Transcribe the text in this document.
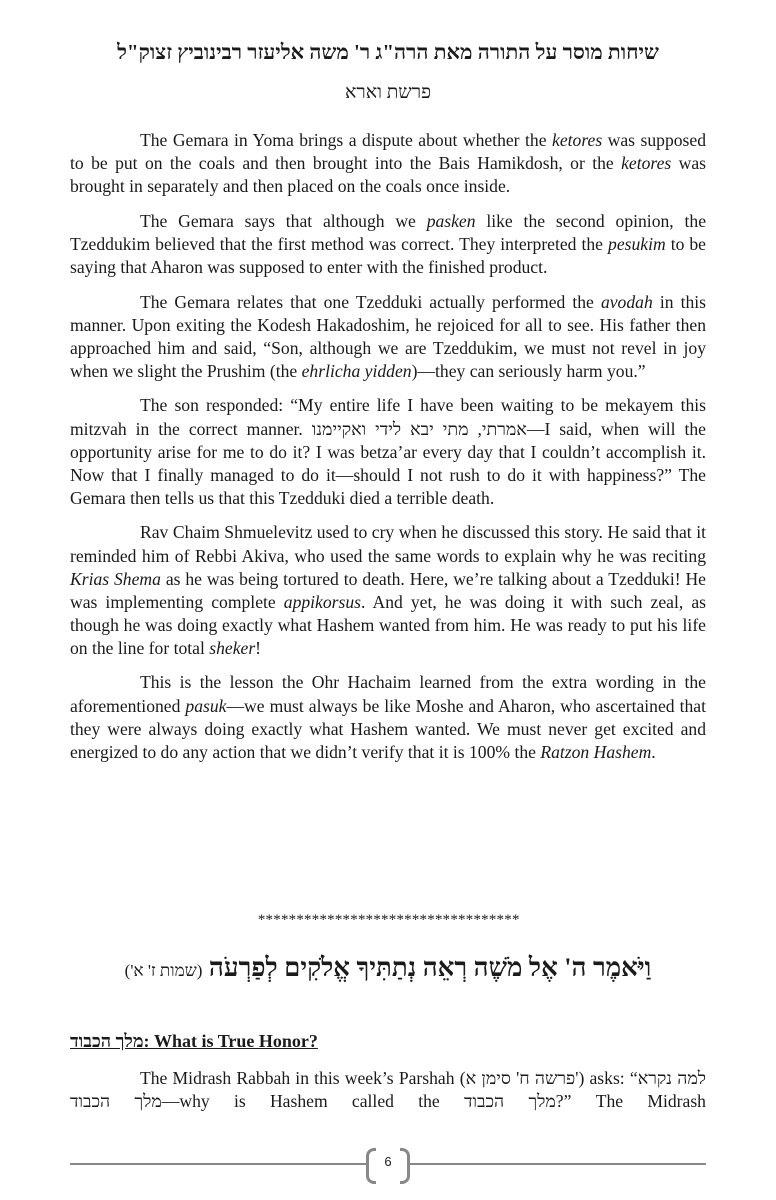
שיחות מוסר על התורה מאת הרה"ג ר' משה אליעזר רבינוביץ זצוק"ל
פרשת וארא

The Gemara in Yoma brings a dispute about whether the ketores was supposed to be put on the coals and then brought into the Bais Hamikdosh, or the ketores was brought in separately and then placed on the coals once inside.

The Gemara says that although we pasken like the second opinion, the Tzeddukim believed that the first method was correct. They interpreted the pesukim to be saying that Aharon was supposed to enter with the finished product.

The Gemara relates that one Tzedduki actually performed the avodah in this manner. Upon exiting the Kodesh Hakadoshim, he rejoiced for all to see. His father then approached him and said, “Son, although we are Tzeddukim, we must not revel in joy when we slight the Prushim (the ehrlicha yidden)—they can seriously harm you.”

The son responded: “My entire life I have been waiting to be mekayem this mitzvah in the correct manner. אמרתי, מתי יבא לידי ואקיימנו—I said, when will the opportunity arise for me to do it? I was betza’ar every day that I couldn’t accomplish it. Now that I finally managed to do it—should I not rush to do it with happiness?” The Gemara then tells us that this Tzedduki died a terrible death.

Rav Chaim Shmuelevitz used to cry when he discussed this story. He said that it reminded him of Rebbi Akiva, who used the same words to explain why he was reciting Krias Shema as he was being tortured to death. Here, we’re talking about a Tzedduki! He was implementing complete appikorsus. And yet, he was doing it with such zeal, as though he was doing exactly what Hashem wanted from him. He was ready to put his life on the line for total sheker!

This is the lesson the Ohr Hachaim learned from the extra wording in the aforementioned pasuk—we must always be like Moshe and Aharon, who ascertained that they were always doing exactly what Hashem wanted. We must never get excited and energized to do any action that we didn’t verify that it is 100% the Ratzon Hashem.

**********************************
וַיֹּאמֶר ה' אֶל מֹשֶׁה רְאֵה נְתַתִּיךָ אֱלֹקִים לְפַרְעֹה (שמות ז' א')
מלך הכבוד: What is True Honor?

The Midrash Rabbah in this week’s Parshah (פרשה ח' סימן א') asks: “למה נקרא מלך הכבוד—why is Hashem called the מלך הכבוד?” The Midrash

6
